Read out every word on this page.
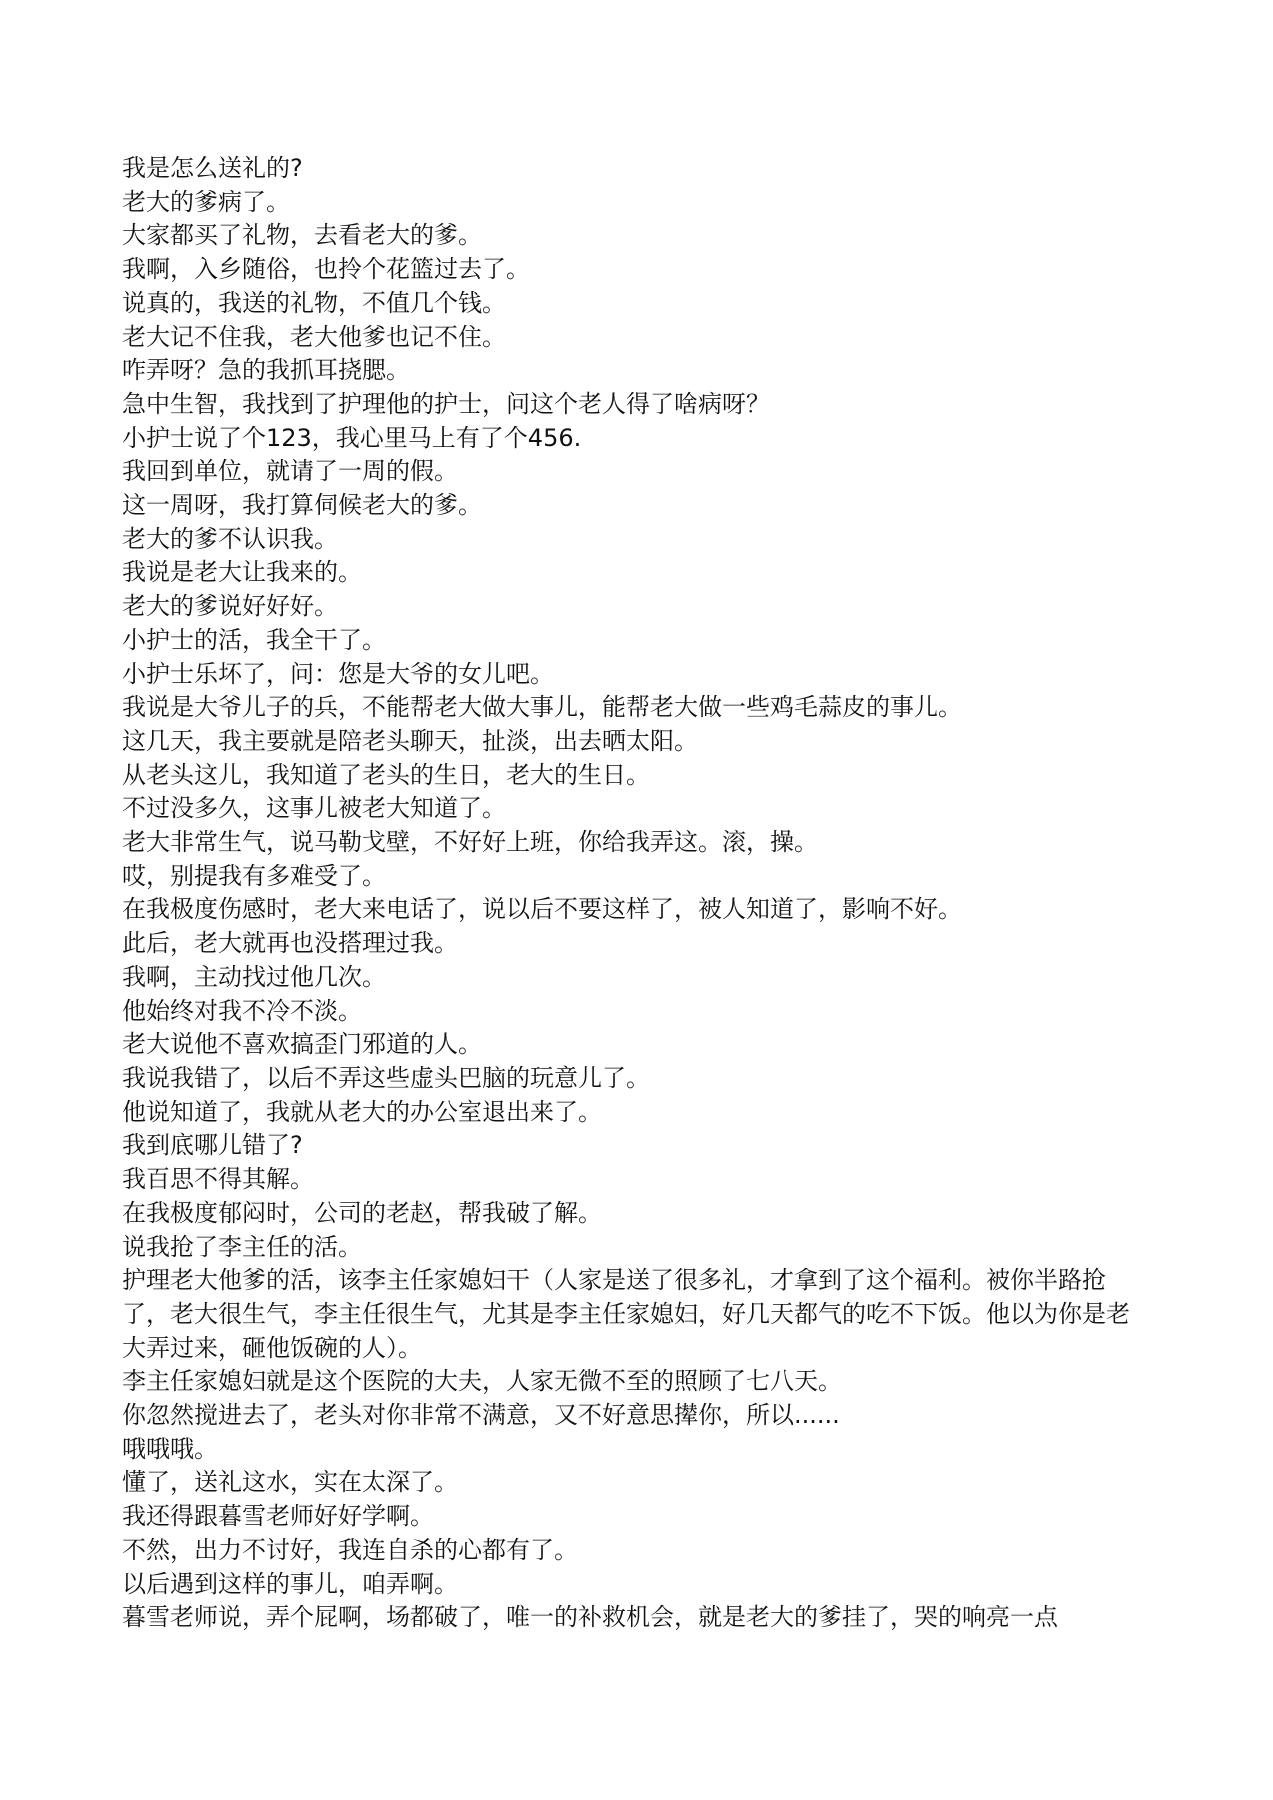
我是怎么送礼的?

老大的爹病了。

大家都买了礼物，去看老大的爹。

我啊，入乡随俗，也拎个花篮过去了。

说真的，我送的礼物，不值几个钱。

老大记不住我，老大他爹也记不住。

咋弄呀？急的我抓耳挠腮。

急中生智，我找到了护理他的护士，问这个老人得了啥病呀？

小护士说了个123，我心里马上有了个456.

我回到单位，就请了一周的假。

这一周呀，我打算伺候老大的爹。

老大的爹不认识我。

我说是老大让我来的。

老大的爹说好好好。

小护士的活，我全干了。

小护士乐坏了，问：您是大爷的女儿吧。

我说是大爷儿子的兵，不能帮老大做大事儿，能帮老大做一些鸡毛蒜皮的事儿。

这几天，我主要就是陪老头聊天，扯淡，出去晒太阳。

从老头这儿，我知道了老头的生日，老大的生日。

不过没多久，这事儿被老大知道了。

老大非常生气，说马勒戈壁，不好好上班，你给我弄这。滚，操。

哎，别提我有多难受了。

在我极度伤感时，老大来电话了，说以后不要这样了，被人知道了，影响不好。

此后，老大就再也没搭理过我。

我啊，主动找过他几次。

他始终对我不冷不淡。

老大说他不喜欢搞歪门邪道的人。

我说我错了，以后不弄这些虚头巴脑的玩意儿了。

他说知道了，我就从老大的办公室退出来了。

我到底哪儿错了?

我百思不得其解。

在我极度郁闷时，公司的老赵，帮我破了解。

说我抢了李主任的活。

护理老大他爹的活，该李主任家媳妇干（人家是送了很多礼，才拿到了这个福利。被你半路抢了，老大很生气，李主任很生气，尤其是李主任家媳妇，好几天都气的吃不下饭。他以为你是老大弄过来，砸他饭碗的人）。

李主任家媳妇就是这个医院的大夫，人家无微不至的照顾了七八天。

你忽然搅进去了，老头对你非常不满意，又不好意思撵你，所以......

哦哦哦。

懂了，送礼这水，实在太深了。

我还得跟暮雪老师好好学啊。

不然，出力不讨好，我连自杀的心都有了。

以后遇到这样的事儿，咱弄啊。

暮雪老师说，弄个屁啊，场都破了，唯一的补救机会，就是老大的爹挂了，哭的响亮一点
